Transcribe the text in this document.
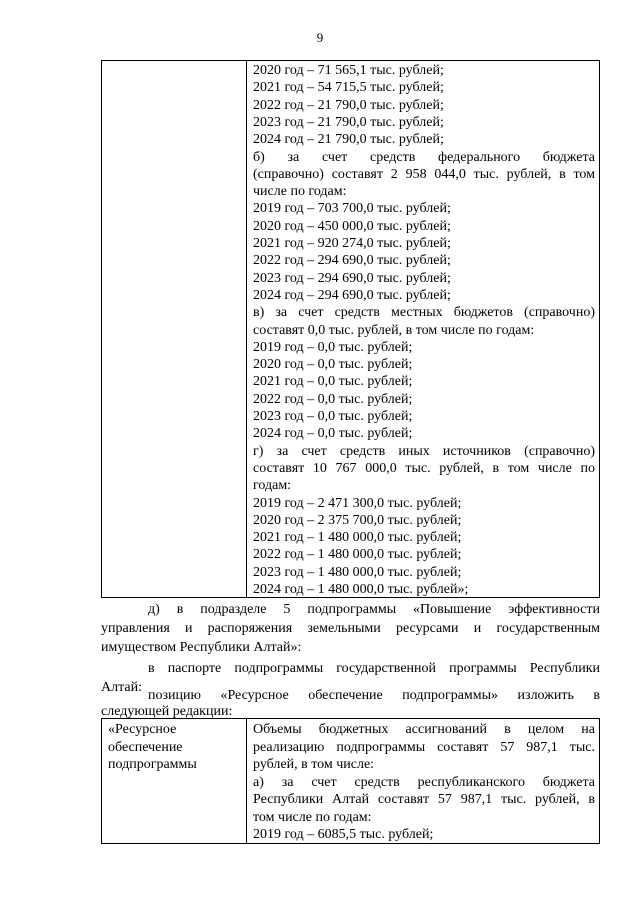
9
2020 год – 71 565,1 тыс. рублей;
2021 год – 54 715,5 тыс. рублей;
2022 год – 21 790,0 тыс. рублей;
2023 год – 21 790,0 тыс. рублей;
2024 год – 21 790,0 тыс. рублей;
б) за счет средств федерального бюджета
(справочно) составят 2 958 044,0 тыс. рублей, в том
числе по годам:
2019 год – 703 700,0 тыс. рублей;
2020 год – 450 000,0 тыс. рублей;
2021 год – 920 274,0 тыс. рублей;
2022 год – 294 690,0 тыс. рублей;
2023 год – 294 690,0 тыс. рублей;
2024 год – 294 690,0 тыс. рублей;
в) за счет средств местных бюджетов (справочно)
составят 0,0 тыс. рублей, в том числе по годам:
2019 год – 0,0 тыс. рублей;
2020 год – 0,0 тыс. рублей;
2021 год – 0,0 тыс. рублей;
2022 год – 0,0 тыс. рублей;
2023 год – 0,0 тыс. рублей;
2024 год – 0,0 тыс. рублей;
г) за счет средств иных источников (справочно)
составят 10 767 000,0 тыс. рублей, в том числе по
годам:
2019 год – 2 471 300,0 тыс. рублей;
2020 год – 2 375 700,0 тыс. рублей;
2021 год – 1 480 000,0 тыс. рублей;
2022 год – 1 480 000,0 тыс. рублей;
2023 год – 1 480 000,0 тыс. рублей;
2024 год – 1 480 000,0 тыс. рублей»;
д) в подразделе 5 подпрограммы «Повышение эффективности
управления и распоряжения земельными ресурсами и государственным
имуществом Республики Алтай»:
в паспорте подпрограммы государственной программы Республики
Алтай:
позицию «Ресурсное обеспечение подпрограммы» изложить в
следующей редакции:
«Ресурсное
обеспечение
подпрограммы
Объемы бюджетных ассигнований в целом на
реализацию подпрограммы составят 57 987,1 тыс.
рублей, в том числе:
а) за счет средств республиканского бюджета
Республики Алтай составят 57 987,1 тыс. рублей, в
том числе по годам:
2019 год – 6085,5 тыс. рублей;
